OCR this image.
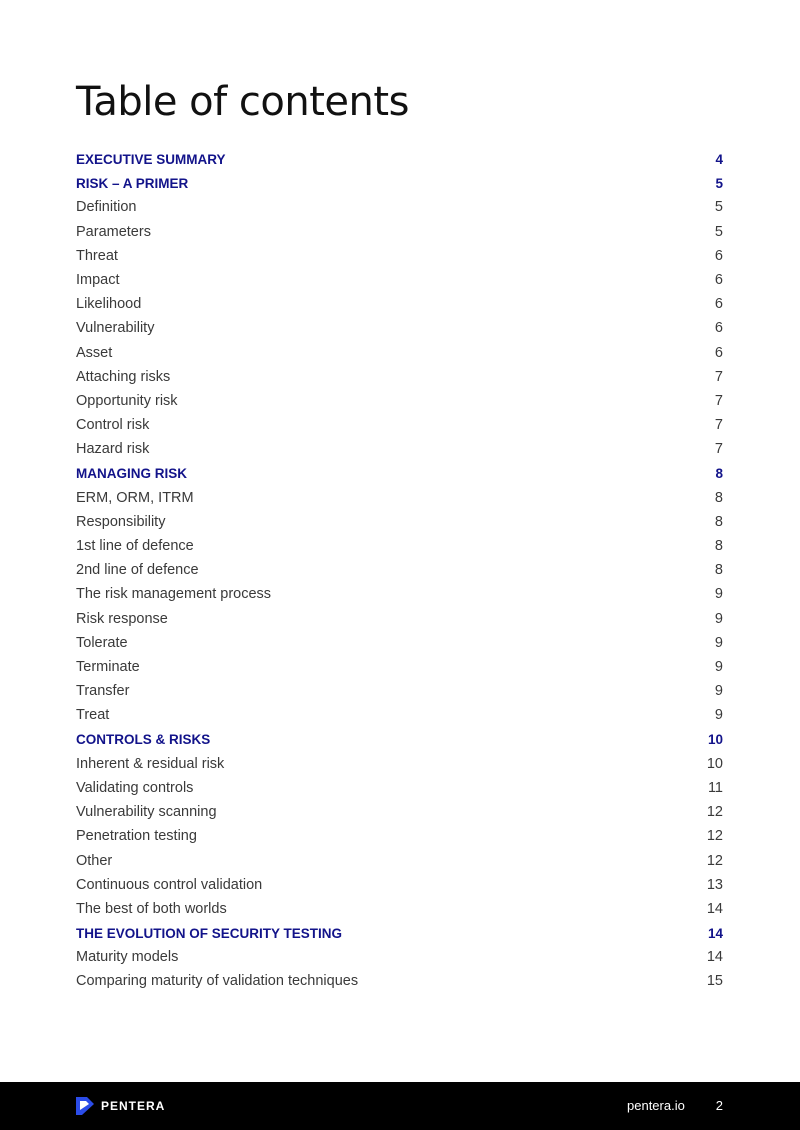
Table of contents
EXECUTIVE SUMMARY	4
RISK – A PRIMER	5
Definition	5
Parameters	5
Threat	6
Impact	6
Likelihood	6
Vulnerability	6
Asset	6
Attaching risks	7
Opportunity risk	7
Control risk	7
Hazard risk	7
MANAGING RISK	8
ERM, ORM, ITRM	8
Responsibility	8
1st line of defence	8
2nd line of defence	8
The risk management process	9
Risk response	9
Tolerate	9
Terminate	9
Transfer	9
Treat	9
CONTROLS & RISKS	10
Inherent & residual risk	10
Validating controls	11
Vulnerability scanning	12
Penetration testing	12
Other	12
Continuous control validation	13
The best of both worlds	14
THE EVOLUTION OF SECURITY TESTING	14
Maturity models	14
Comparing maturity of validation techniques	15
PENTERA	pentera.io 2
